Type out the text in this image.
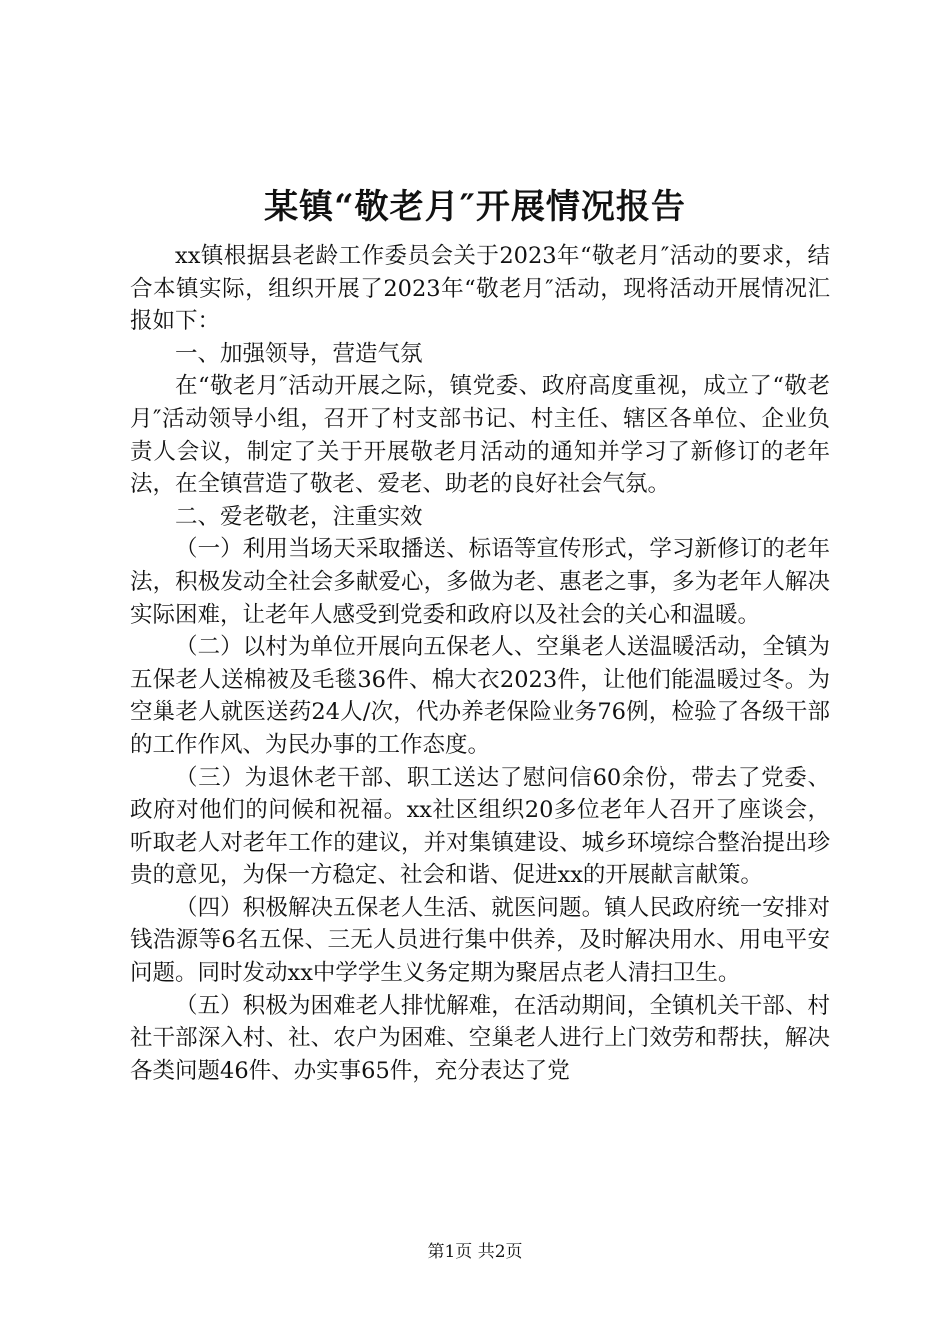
某镇“敬老月″开展情况报告

xx镇根据县老龄工作委员会关于2023年“敬老月″活动的要求，结合本镇实际，组织开展了2023年“敬老月″活动，现将活动开展情况汇报如下：

一、加强领导，营造气氛

在“敬老月″活动开展之际，镇党委、政府高度重视，成立了“敬老月″活动领导小组，召开了村支部书记、村主任、辖区各单位、企业负责人会议，制定了关于开展敬老月活动的通知并学习了新修订的老年法，在全镇营造了敬老、爱老、助老的良好社会气氛。

二、爱老敬老，注重实效

（一）利用当场天采取播送、标语等宣传形式，学习新修订的老年法，积极发动全社会多献爱心，多做为老、惠老之事，多为老年人解决实际困难，让老年人感受到党委和政府以及社会的关心和温暖。

（二）以村为单位开展向五保老人、空巢老人送温暖活动，全镇为五保老人送棉被及毛毯36件、棉大衣2023件，让他们能温暖过冬。为空巢老人就医送药24人/次，代办养老保险业务76例，检验了各级干部的工作作风、为民办事的工作态度。

（三）为退休老干部、职工送达了慰问信60余份，带去了党委、政府对他们的问候和祝福。xx社区组织20多位老年人召开了座谈会，听取老人对老年工作的建议，并对集镇建设、城乡环境综合整治提出珍贵的意见，为保一方稳定、社会和谐、促进xx的开展献言献策。

（四）积极解决五保老人生活、就医问题。镇人民政府统一安排对钱浩源等6名五保、三无人员进行集中供养，及时解决用水、用电平安问题。同时发动xx中学学生义务定期为聚居点老人清扫卫生。

（五）积极为困难老人排忧解难，在活动期间，全镇机关干部、村社干部深入村、社、农户为困难、空巢老人进行上门效劳和帮扶，解决各类问题46件、办实事65件，充分表达了党

第1页 共2页
